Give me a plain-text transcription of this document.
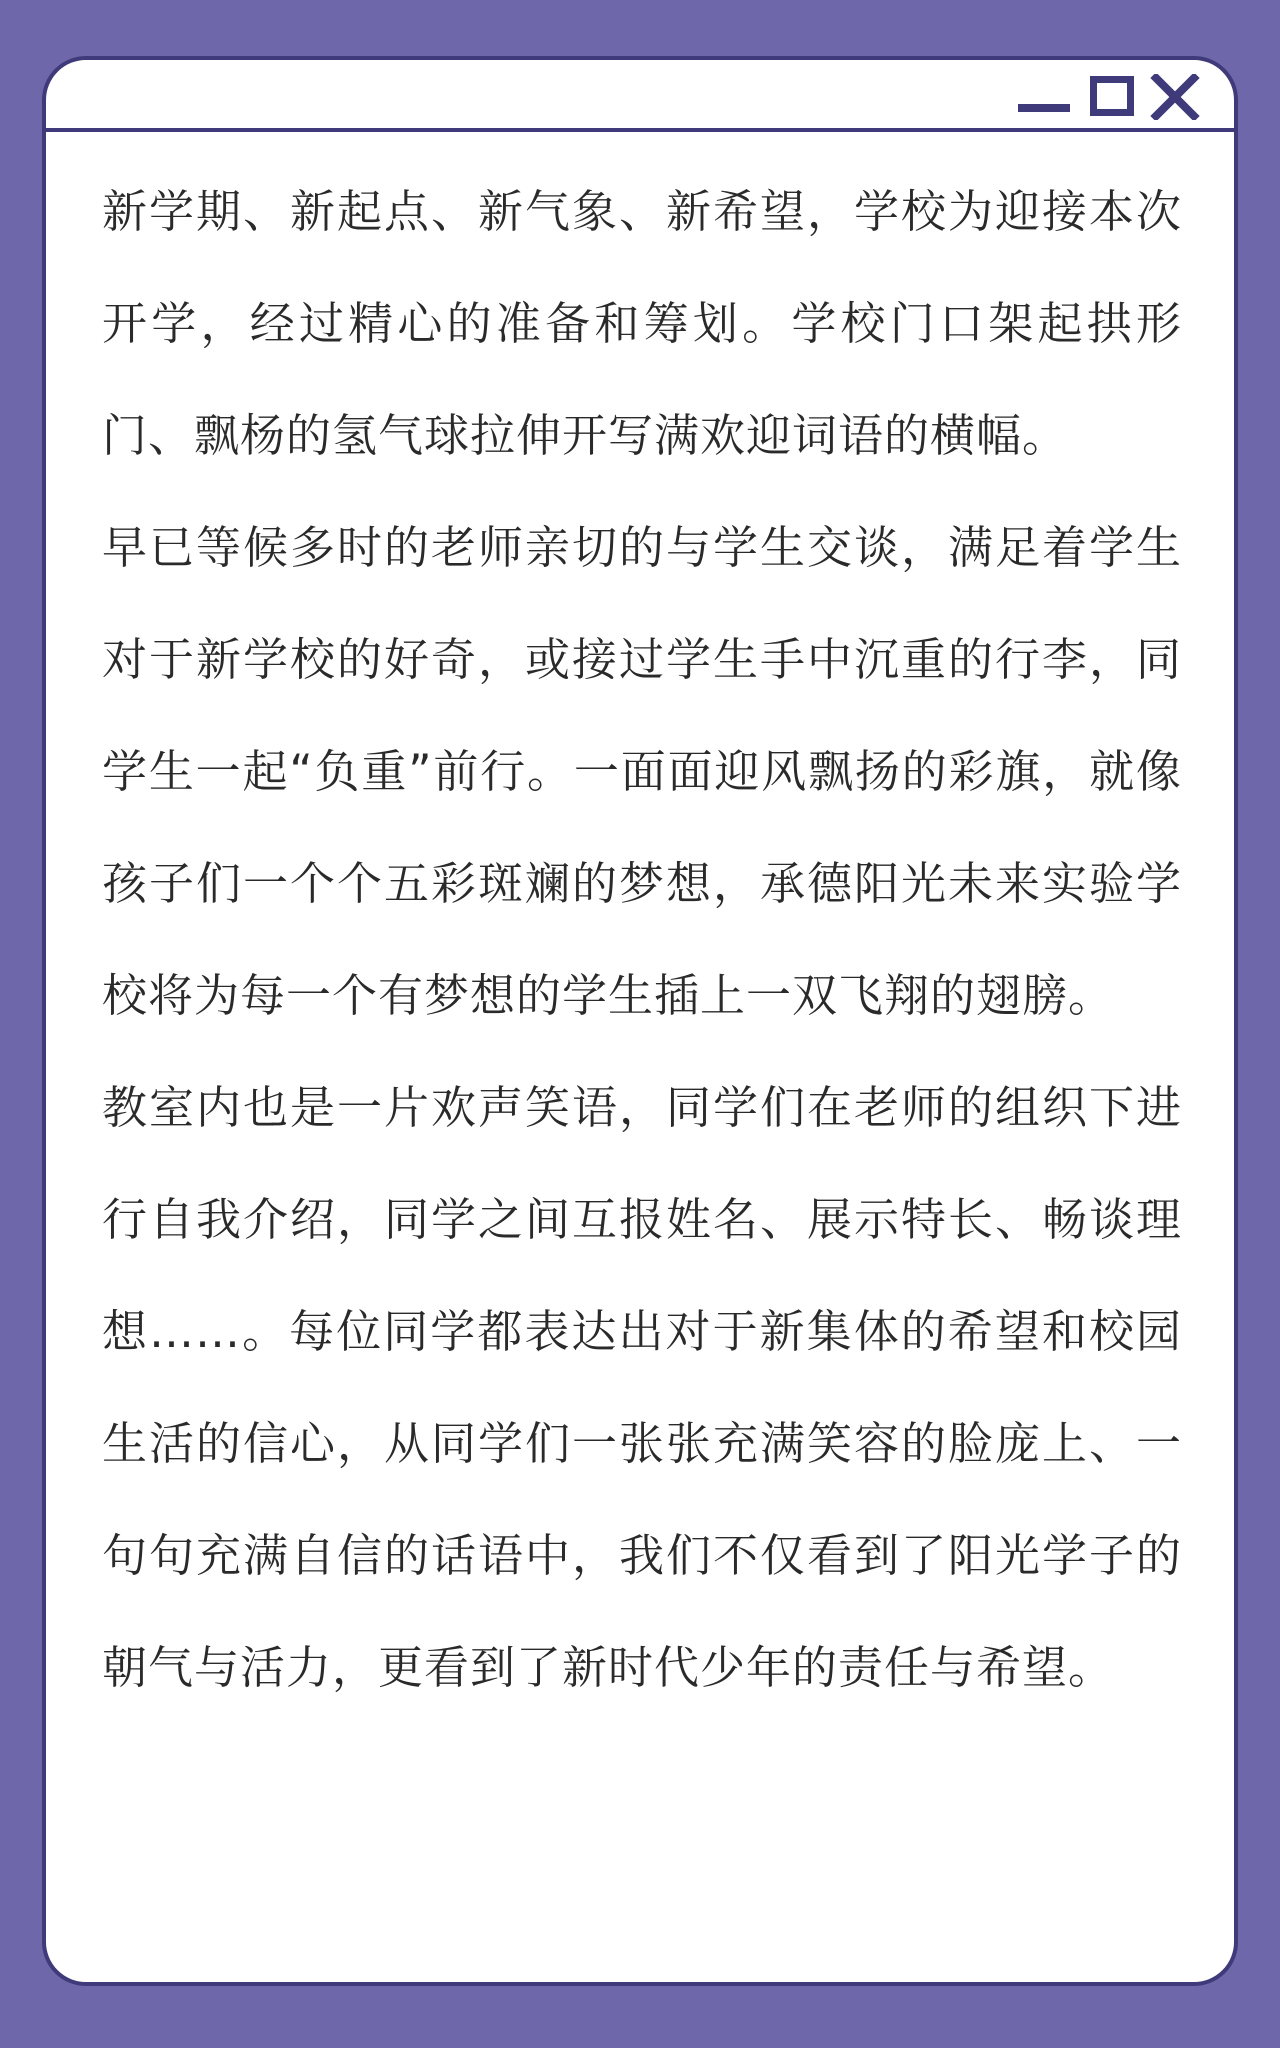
新学期、新起点、新气象、新希望，学校为迎接本次开学，经过精心的准备和筹划。学校门口架起拱形门、飘杨的氢气球拉伸开写满欢迎词语的横幅。

早已等候多时的老师亲切的与学生交谈，满足着学生对于新学校的好奇，或接过学生手中沉重的行李，同学生一起“负重”前行。一面面迎风飘扬的彩旗，就像孩子们一个个五彩斑斓的梦想，承德阳光未来实验学校将为每一个有梦想的学生插上一双飞翔的翅膀。

教室内也是一片欢声笑语，同学们在老师的组织下进行自我介绍，同学之间互报姓名、展示特长、畅谈理想……。每位同学都表达出对于新集体的希望和校园生活的信心，从同学们一张张充满笑容的脸庞上、一句句充满自信的话语中，我们不仅看到了阳光学子的朝气与活力，更看到了新时代少年的责任与希望。
